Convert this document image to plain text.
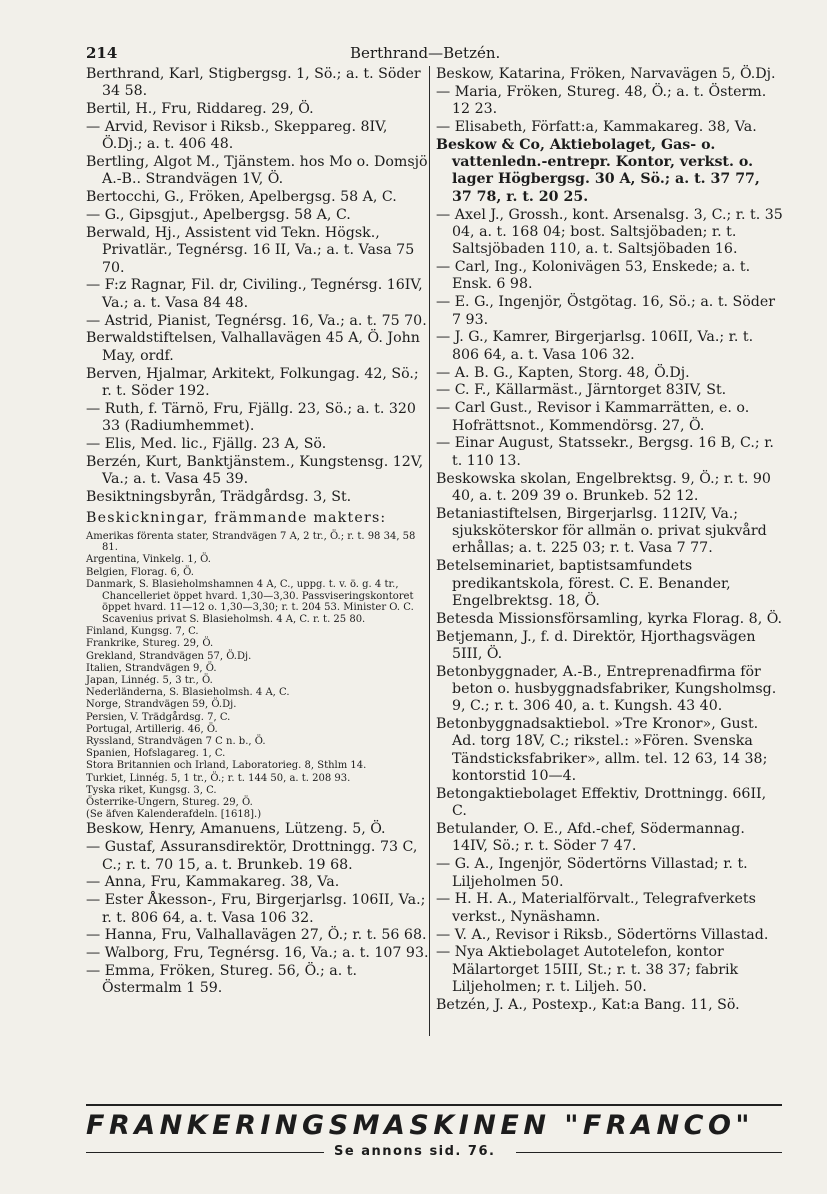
214	Berthrand—Betzén.
Berthrand, Karl, Stigbergsg. 1, Sö.; a. t. Söder 34 58.
Bertil, H., Fru, Riddareg. 29, Ö.
— Arvid, Revisor i Riksb., Skeppareg. 8IV, Ö.Dj.; a. t. 406 48.
Bertling, Algot M., Tjänstem. hos Mo o. Domsjö A.-B.. Strandvägen 1V, Ö.
Bertocchi, G., Fröken, Apelbergsg. 58 A, C.
— G., Gipsgjut., Apelbergsg. 58 A, C.
Berwald, Hj., Assistent vid Tekn. Högsk., Privatlär., Tegnérsg. 16 II, Va.; a. t. Vasa 75 70.
— F:z Ragnar, Fil. dr, Civiling., Tegnérsg. 16IV, Va.; a. t. Vasa 84 48.
— Astrid, Pianist, Tegnérsg. 16, Va.; a. t. 75 70.
Berwaldstiftelsen, Valhallavägen 45 A, Ö. John May, ordf.
Berven, Hjalmar, Arkitekt, Folkungag. 42, Sö.; r. t. Söder 192.
— Ruth, f. Tärnö, Fru, Fjällg. 23, Sö.; a. t. 320 33 (Radiumhemmet).
— Elis, Med. lic., Fjällg. 23 A, Sö.
Berzén, Kurt, Banktjänstem., Kungstensg. 12V, Va.; a. t. Vasa 45 39.
Besiktningsbyrån, Trädgårdsg. 3, St.
Beskickningar, främmande makters:
Amerikas förenta stater, Strandvägen 7 A, 2 tr., Ö.; r. t. 98 34, 58 81.
Argentina, Vinkelg. 1, Ö.
Belgien, Florag. 6, Ö.
Danmark, S. Blasieholmshamnen 4 A, C., uppg. t. v. ö. g. 4 tr., Chancelleriet öppet hvard. 1,30—3,30. Passviseringskontoret öppet hvard. 11—12 o. 1,30—3,30; r. t. 204 53. Minister O. C. Scavenius privat S. Blasieholmsh. 4 A, C. r. t. 25 80.
Finland, Kungsg. 7, C.
Frankrike, Stureg. 29, Ö.
Grekland, Strandvägen 57, Ö.Dj.
Italien, Strandvägen 9, Ö.
Japan, Linnég. 5, 3 tr., Ö.
Nederländerna, S. Blasieholmsh. 4 A, C.
Norge, Strandvägen 59, Ö.Dj.
Persien, V. Trädgårdsg. 7, C.
Portugal, Artillerig. 46, Ö.
Ryssland, Strandvägen 7 C n. b., Ö.
Spanien, Hofslagareg. 1, C.
Stora Britannien och Irland, Laboratorieg. 8, Sthlm 14.
Turkiet, Linnég. 5, 1 tr., Ö.; r. t. 144 50, a. t. 208 93.
Tyska riket, Kungsg. 3, C.
Österrike-Ungern, Stureg. 29, Ö.
(Se äfven Kalenderafdeln. [1618].)
Beskow, Henry, Amanuens, Lützeng. 5, Ö.
— Gustaf, Assuransdirektör, Drottningg. 73 C, C.; r. t. 70 15, a. t. Brunkeb. 19 68.
— Anna, Fru, Kammakareg. 38, Va.
— Ester Åkesson-, Fru, Birgerjarlsg. 106II, Va.; r. t. 806 64, a. t. Vasa 106 32.
— Hanna, Fru, Valhallavägen 27, Ö.; r. t. 56 68.
— Walborg, Fru, Tegnérsg. 16, Va.; a. t. 107 93.
— Emma, Fröken, Stureg. 56, Ö.; a. t. Östermalm 1 59.
Beskow, Katarina, Fröken, Narvavägen 5, Ö.Dj.
— Maria, Fröken, Stureg. 48, Ö.; a. t. Österm. 12 23.
— Elisabeth, Författ:a, Kammakareg. 38, Va.
Beskow & Co, Aktiebolaget, Gas- o. vattenledn.-entrepr. Kontor, verkst. o. lager Högbergsg. 30 A, Sö.; a. t. 37 77, 37 78, r. t. 20 25.
— Axel J., Grossh., kont. Arsenalsg. 3, C.; r. t. 35 04, a. t. 168 04; bost. Saltsjöbaden; r. t. Saltsjöbaden 110, a. t. Saltsjöbaden 16.
— Carl, Ing., Kolonivägen 53, Enskede; a. t. Ensk. 6 98.
— E. G., Ingenjör, Östgötag. 16, Sö.; a. t. Söder 7 93.
— J. G., Kamrer, Birgerjarlsg. 106II, Va.; r. t. 806 64, a. t. Vasa 106 32.
— A. B. G., Kapten, Storg. 48, Ö.Dj.
— C. F., Källarmäst., Järntorget 83IV, St.
— Carl Gust., Revisor i Kammarrätten, e. o. Hofrättsnot., Kommendörsg. 27, Ö.
— Einar August, Statssekr., Bergsg. 16 B, C.; r. t. 110 13.
Beskowska skolan, Engelbrektsg. 9, Ö.; r. t. 90 40, a. t. 209 39 o. Brunkeb. 52 12.
Betaniastiftelsen, Birgerjarlsg. 112IV, Va.; sjuksköterskor för allmän o. privat sjukvård erhållas; a. t. 225 03; r. t. Vasa 7 77.
Betelseminariet, baptistsamfundets predikantskola, förest. C. E. Benander, Engelbrektsg. 18, Ö.
Betesda Missionsförsamling, kyrka Florag. 8, Ö.
Betjemann, J., f. d. Direktör, Hjorthagsvägen 5III, Ö.
Betonbyggnader, A.-B., Entreprenadfirma för beton o. husbyggnadsfabriker, Kungsholmsg. 9, C.; r. t. 306 40, a. t. Kungsh. 43 40.
Betonbyggnadsaktiebol. »Tre Kronor», Gust. Ad. torg 18V, C.; rikstel.: »Fören. Svenska Tändsticksfabriker», allm. tel. 12 63, 14 38; kontorstid 10—4.
Betongaktiebolaget Effektiv, Drottningg. 66II, C.
Betulander, O. E., Afd.-chef, Södermannag. 14IV, Sö.; r. t. Söder 7 47.
— G. A., Ingenjör, Södertörns Villastad; r. t. Liljeholmen 50.
— H. H. A., Materialförvalt., Telegrafverkets verkst., Nynäshamn.
— V. A., Revisor i Riksb., Södertörns Villastad.
— Nya Aktiebolaget Autotelefon, kontor Mälartorget 15III, St.; r. t. 38 37; fabrik Liljeholmen; r. t. Liljeh. 50.
Betzén, J. A., Postexp., Kat:a Bang. 11, Sö.
FRANKERINGSMASKINEN "FRANCO"
Se annons sid. 76.
